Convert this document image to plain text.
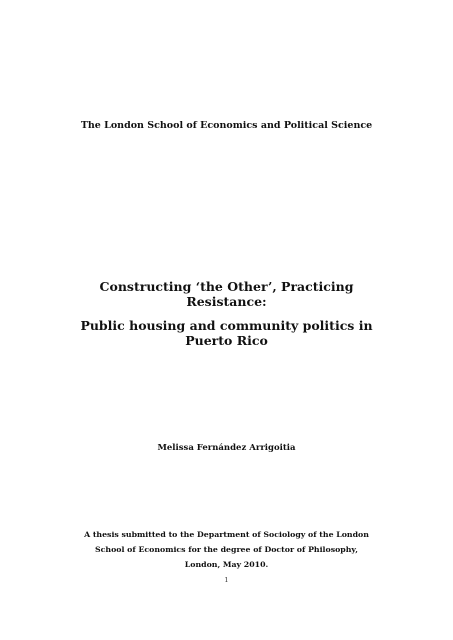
The London School of Economics and Political Science
Constructing ‘the Other’, Practicing
Resistance:
Public housing and community politics in
Puerto Rico
Melissa Fernández Arrigoitia
A thesis submitted to the Department of Sociology of the London
School of Economics for the degree of Doctor of Philosophy,
London, May 2010.
1
